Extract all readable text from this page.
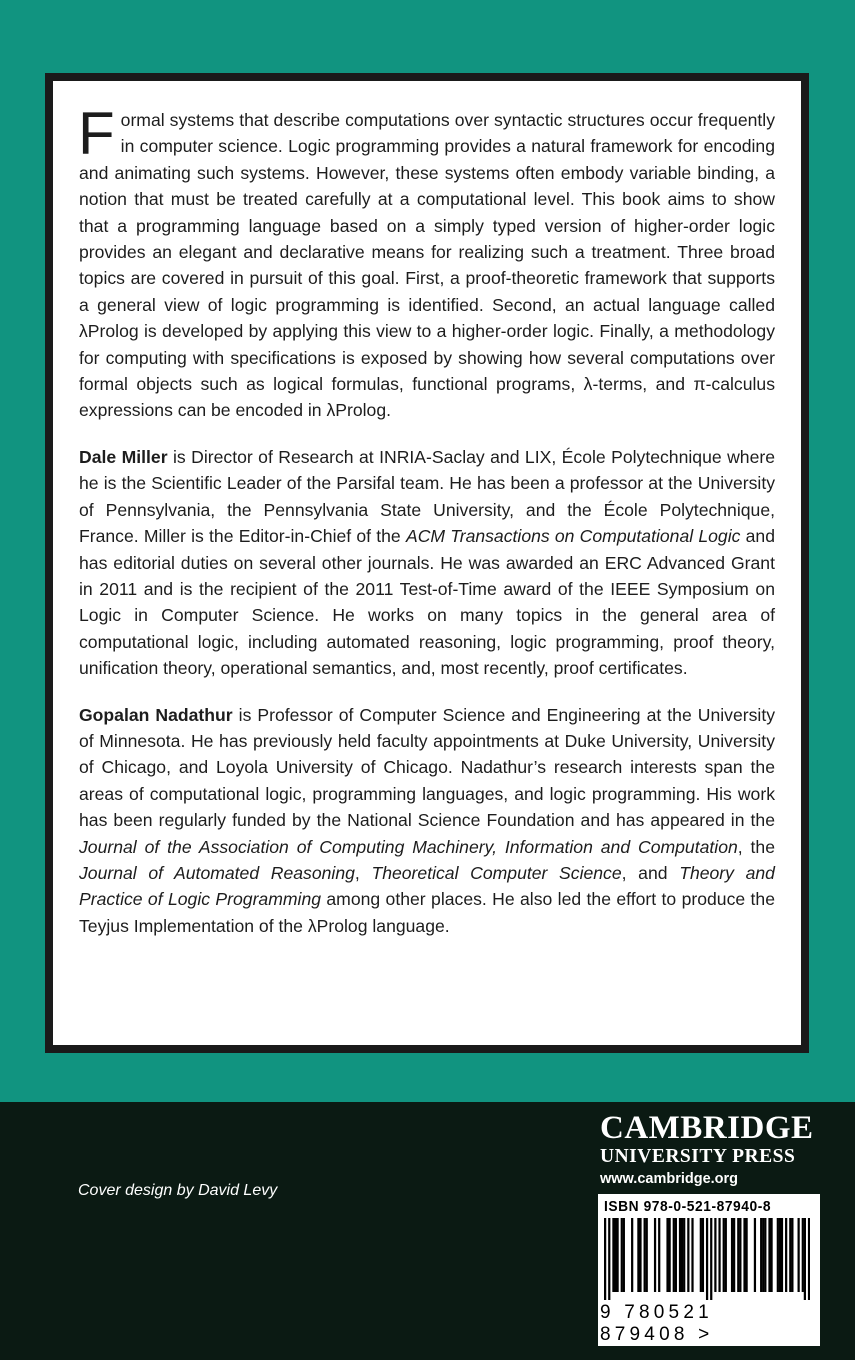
Formal systems that describe computations over syntactic structures occur frequently in computer science. Logic programming provides a natural framework for encoding and animating such systems. However, these systems often embody variable binding, a notion that must be treated carefully at a computational level. This book aims to show that a programming language based on a simply typed version of higher-order logic provides an elegant and declarative means for realizing such a treatment. Three broad topics are covered in pursuit of this goal. First, a proof-theoretic framework that supports a general view of logic programming is identified. Second, an actual language called λProlog is developed by applying this view to a higher-order logic. Finally, a methodology for computing with specifications is exposed by showing how several computations over formal objects such as logical formulas, functional programs, λ-terms, and π-calculus expressions can be encoded in λProlog.

Dale Miller is Director of Research at INRIA-Saclay and LIX, École Polytechnique where he is the Scientific Leader of the Parsifal team. He has been a professor at the University of Pennsylvania, the Pennsylvania State University, and the École Polytechnique, France. Miller is the Editor-in-Chief of the ACM Transactions on Computational Logic and has editorial duties on several other journals. He was awarded an ERC Advanced Grant in 2011 and is the recipient of the 2011 Test-of-Time award of the IEEE Symposium on Logic in Computer Science. He works on many topics in the general area of computational logic, including automated reasoning, logic programming, proof theory, unification theory, operational semantics, and, most recently, proof certificates.

Gopalan Nadathur is Professor of Computer Science and Engineering at the University of Minnesota. He has previously held faculty appointments at Duke University, University of Chicago, and Loyola University of Chicago. Nadathur’s research interests span the areas of computational logic, programming languages, and logic programming. His work has been regularly funded by the National Science Foundation and has appeared in the Journal of the Association of Computing Machinery, Information and Computation, the Journal of Automated Reasoning, Theoretical Computer Science, and Theory and Practice of Logic Programming among other places. He also led the effort to produce the Teyjus Implementation of the λProlog language.

Cover design by David Levy
CAMBRIDGE
UNIVERSITY PRESS
www.cambridge.org
ISBN 978-0-521-87940-8
9 780521 879408 >
